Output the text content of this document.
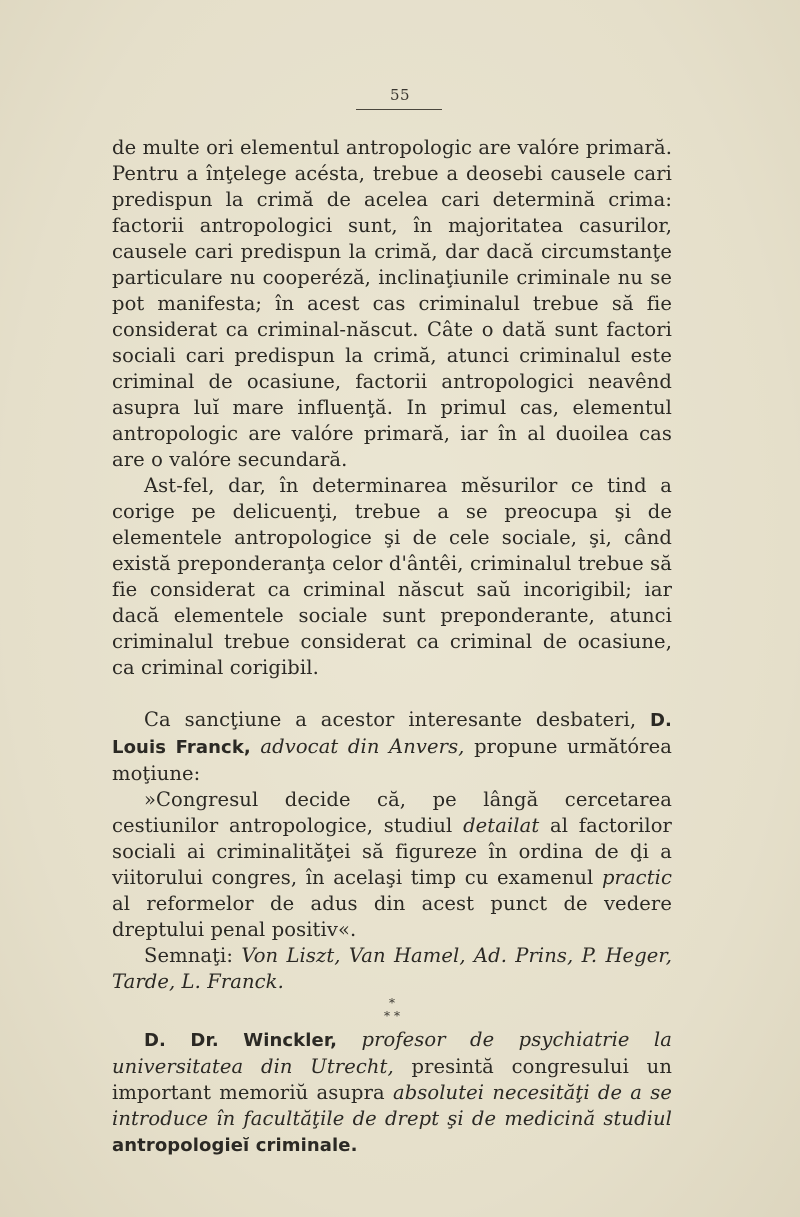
55

de multe ori elementul antropologic are valóre primară. Pentru a înţelege acésta, trebue a deosebi causele cari predispun la crimă de acelea cari determină crima: factorii antropologici sunt, în majoritatea casurilor, causele cari predispun la crimă, dar dacă circumstanţe particulare nu cooperéză, inclinaţiunile criminale nu se pot manifesta; în acest cas criminalul trebue să fie considerat ca criminal-născut. Câte o dată sunt factori sociali cari predispun la crimă, atunci criminalul este criminal de ocasiune, factorii antropologici neavênd asupra luĭ mare influenţă. In primul cas, elementul antropologic are valóre primară, iar în al duoilea cas are o valóre secundară.

Ast-fel, dar, în determinarea mĕsurilor ce tind a corige pe delicuenţi, trebue a se preocupa şi de elementele antropologice şi de cele sociale, şi, când există preponderanţa celor d'ântêi, criminalul trebue să fie considerat ca criminal născut saŭ incorigibil; iar dacă elementele sociale sunt preponderante, atunci criminalul trebue considerat ca criminal de ocasiune, ca criminal corigibil.

Ca sancţiune a acestor interesante desbateri, D. Louis Franck, advocat din Anvers, propune următórea moţiune:

»Congresul decide că, pe lângă cercetarea cestiunilor antropologice, studiul detailat al factorilor sociali ai criminalităţei să figureze în ordina de ḑi a viitorului congres, în acelaşi timp cu examenul practic al reformelor de adus din acest punct de vedere dreptului penal positiv«.

Semnaţi: Von Liszt, Van Hamel, Ad. Prins, P. Heger, Tarde, L. Franck.

*
* *

D. Dr. Winckler, profesor de psychiatrie la universitatea din Utrecht, presintă congresului un important memoriŭ asupra absolutei necesităţi de a se introduce în facultăţile de drept şi de medicină studiul antropologieĭ criminale.
